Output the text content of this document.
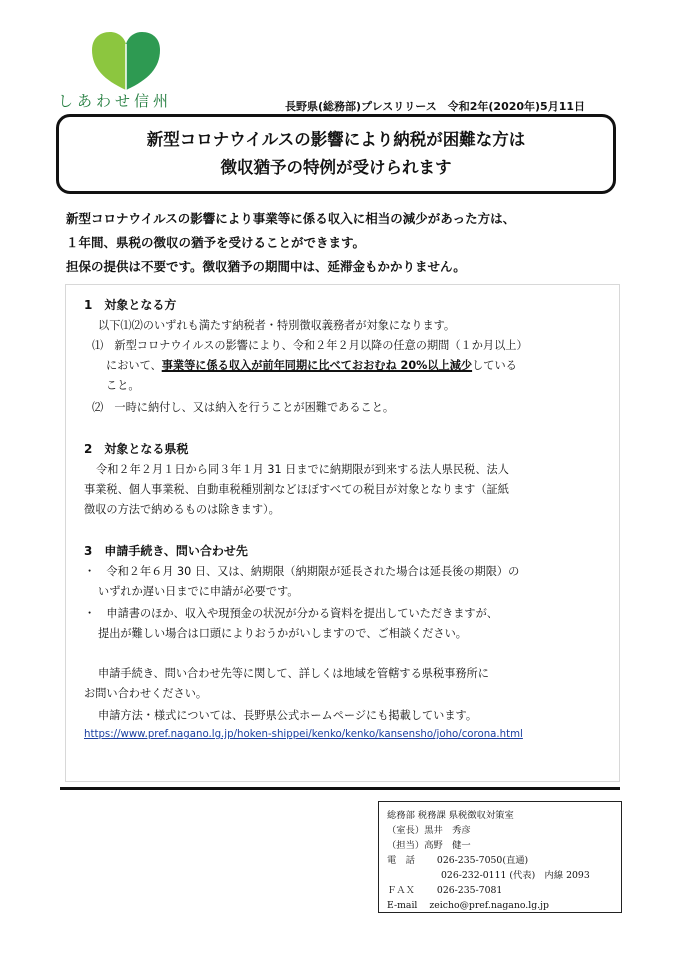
しあわせ信州	長野県(総務部)プレスリリース　令和2年(2020年)5月11日
新型コロナウイルスの影響により納税が困難な方は
徴収猶予の特例が受けられます
新型コロナウイルスの影響により事業等に係る収入に相当の減少があった方は、
１年間、県税の徴収の猶予を受けることができます。
担保の提供は不要です。徴収猶予の期間中は、延滞金もかかりません。
1　対象となる方
以下⑴⑵のいずれも満たす納税者・特別徴収義務者が対象になります。
⑴　新型コロナウイルスの影響により、令和２年２月以降の任意の期間（１か月以上）
において、事業等に係る収入が前年同期に比べておおむね 20%以上減少している
こと。
⑵　一時に納付し、又は納入を行うことが困難であること。
2　対象となる県税
令和２年２月１日から同３年１月 31 日までに納期限が到来する法人県民税、法人
事業税、個人事業税、自動車税種別割などほぼすべての税目が対象となります（証紙
徴収の方法で納めるものは除きます）。
3　申請手続き、問い合わせ先
・　令和２年６月 30 日、又は、納期限（納期限が延長された場合は延長後の期限）の
いずれか遅い日までに申請が必要です。
・　申請書のほか、収入や現預金の状況が分かる資料を提出していただきますが、
提出が難しい場合は口頭によりおうかがいしますので、ご相談ください。
申請手続き、問い合わせ先等に関して、詳しくは地域を管轄する県税事務所に
お問い合わせください。
申請方法・様式については、長野県公式ホームページにも掲載しています。
https://www.pref.nagano.lg.jp/hoken-shippei/kenko/kenko/kansensho/joho/corona.html
総務部 税務課 県税徴収対策室
（室長）黒井　秀彦
（担当）高野　健一
電　話 026-235-7050(直通)
026-232-0111 (代表)　内線 2093
ＦＡＸ 026-235-7081
E-mail zeicho@pref.nagano.lg.jp
